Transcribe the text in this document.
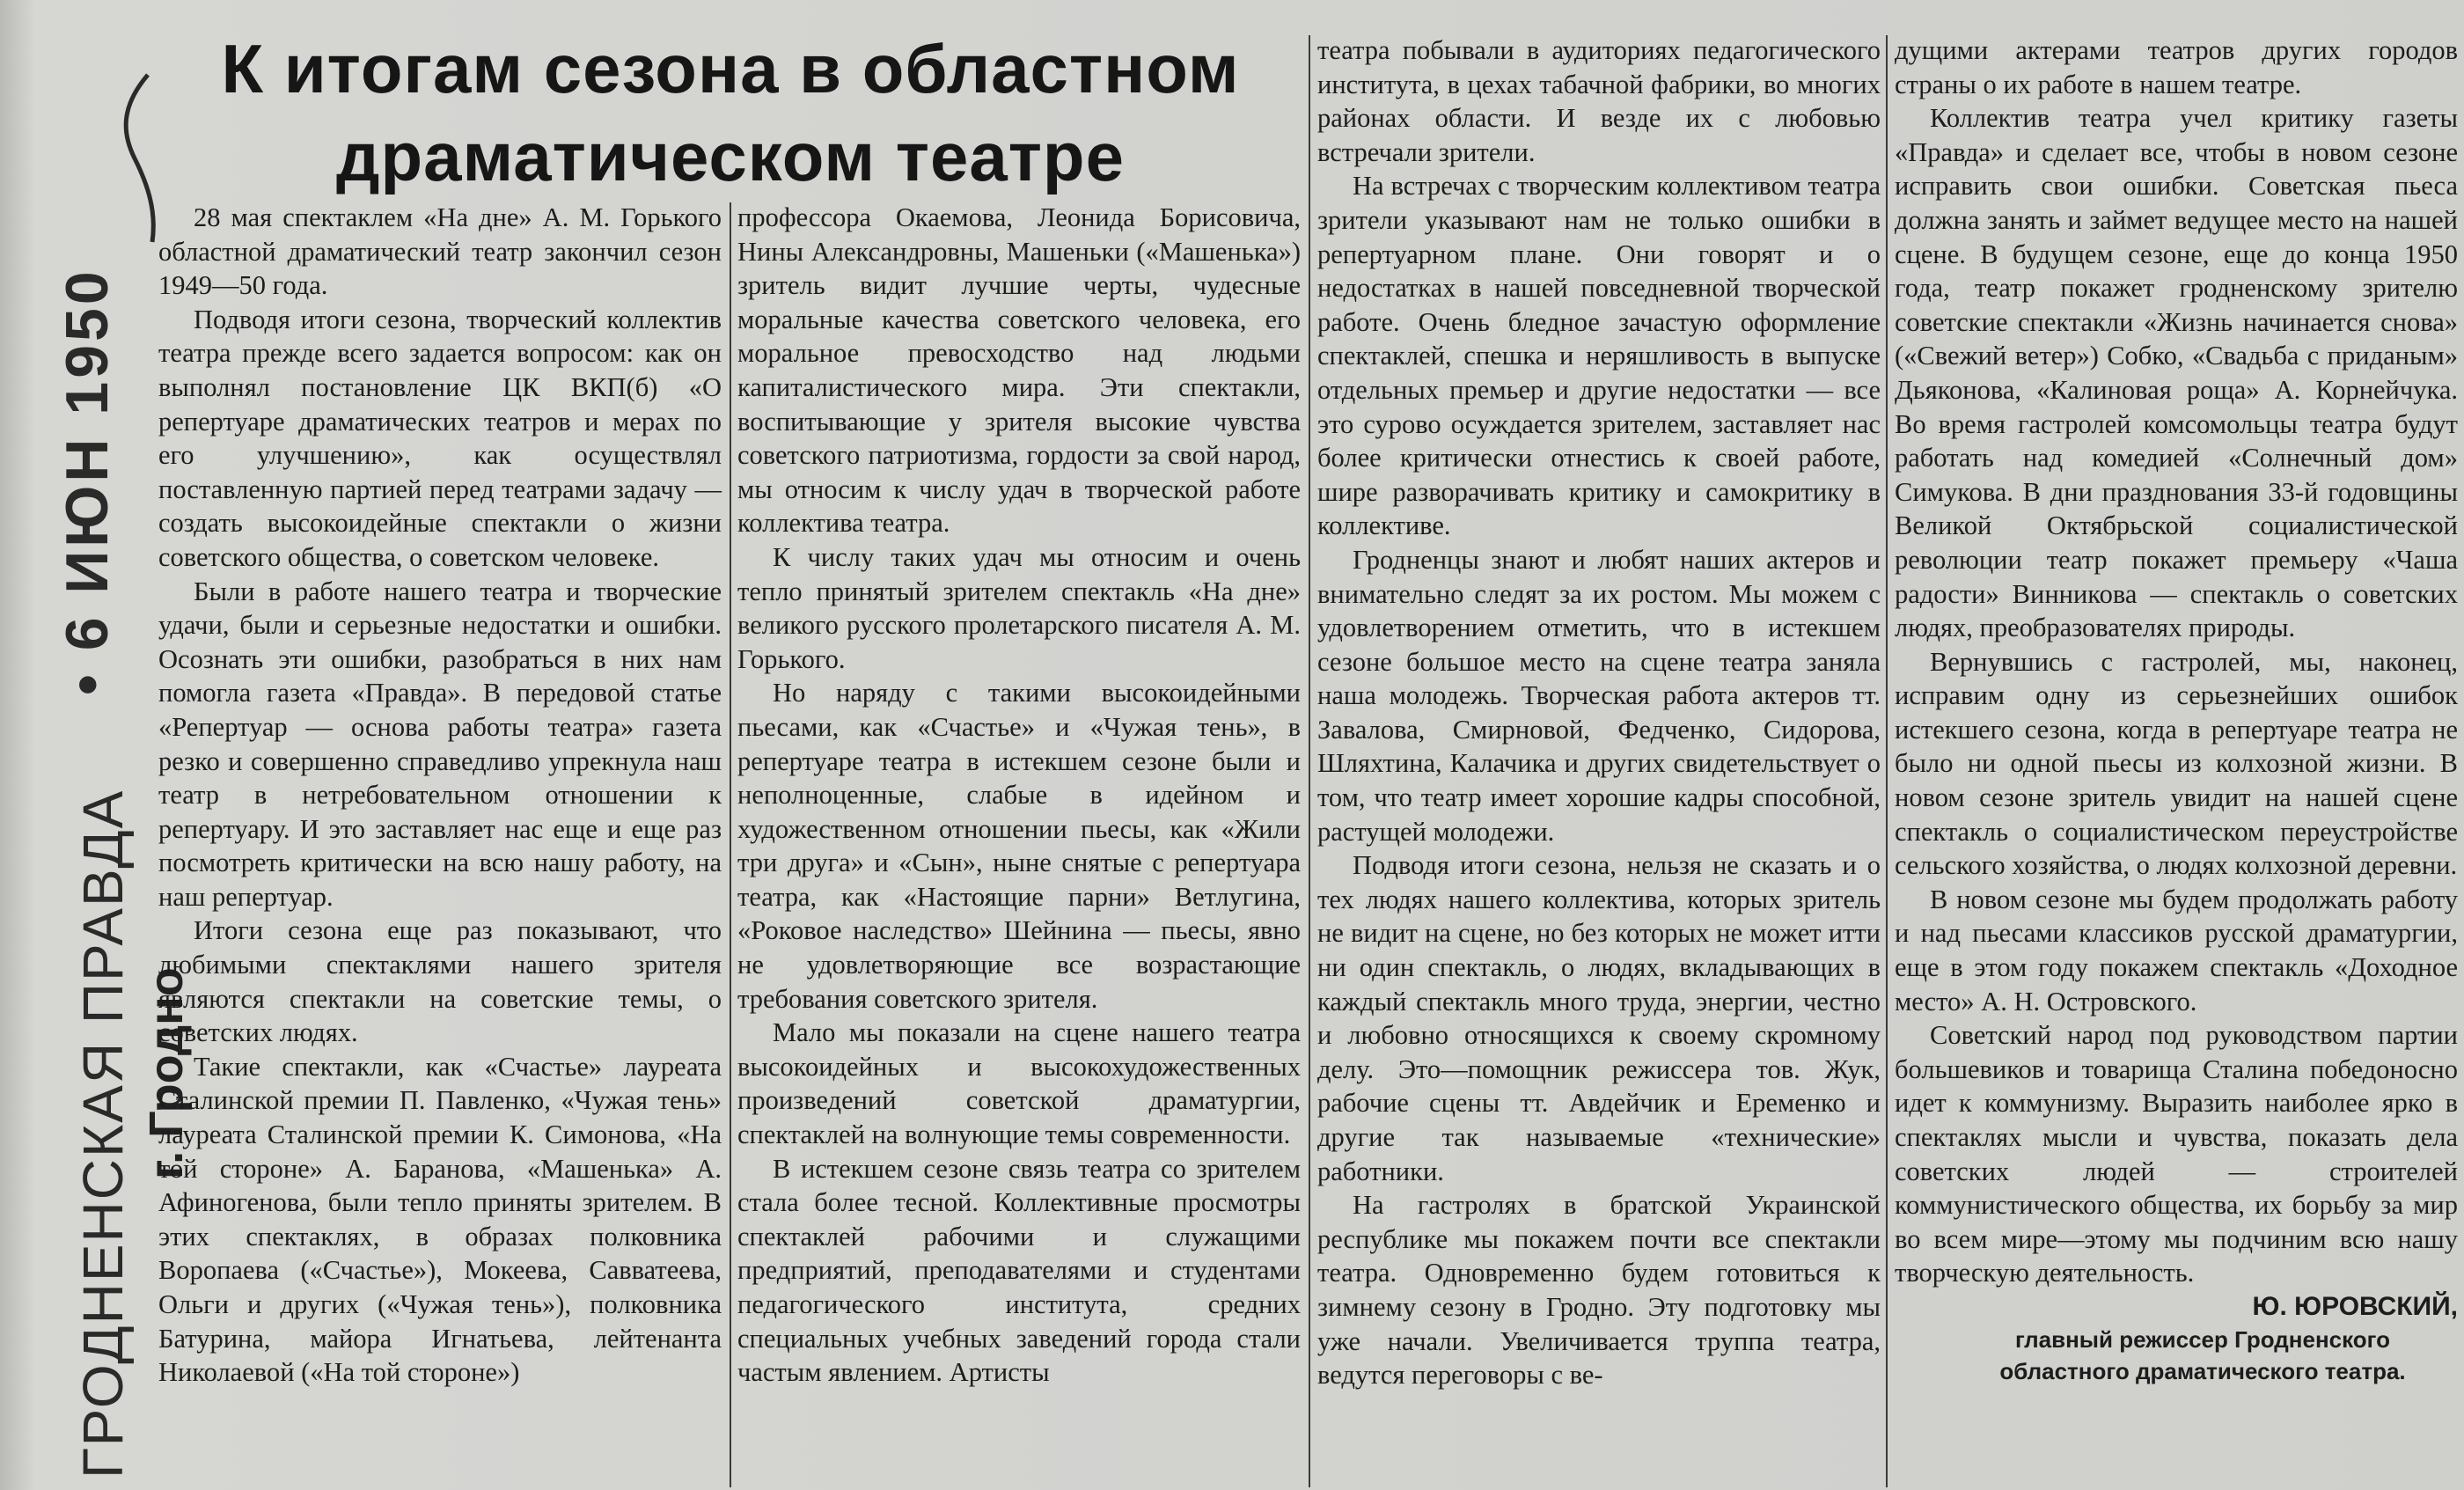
• 6 ИЮН 1950
ГРОДНЕНСКАЯ ПРАВДА г. Гродно
К итогам сезона в областном
драматическом театре

28 мая спектаклем «На дне» А. М. Горького областной драматический театр закончил сезон 1949—50 года.

Подводя итоги сезона, творческий коллектив театра прежде всего задается вопросом: как он выполнял постановление ЦК ВКП(б) «О репертуаре драматических театров и мерах по его улучшению», как осуществлял поставленную партией перед театрами задачу — создать высокоидейные спектакли о жизни советского общества, о советском человеке.

Были в работе нашего театра и творческие удачи, были и серьезные недостатки и ошибки. Осознать эти ошибки, разобраться в них нам помогла газета «Правда». В передовой статье «Репертуар — основа работы театра» газета резко и совершенно справедливо упрекнула наш театр в нетребовательном отношении к репертуару. И это заставляет нас еще и еще раз посмотреть критически на всю нашу работу, на наш репертуар.

Итоги сезона еще раз показывают, что любимыми спектаклями нашего зрителя являются спектакли на советские темы, о советских людях.

Такие спектакли, как «Счастье» лауреата Сталинской премии П. Павленко, «Чужая тень» лауреата Сталинской премии К. Симонова, «На той стороне» А. Баранова, «Машенька» А. Афиногенова, были тепло приняты зрителем. В этих спектаклях, в образах полковника Воропаева («Счастье»), Мокеева, Савватеева, Ольги и других («Чужая тень»), полковника Батурина, майора Игнатьева, лейтенанта Николаевой («На той стороне»)

профессора Окаемова, Леонида Борисовича, Нины Александровны, Машеньки («Машенька») зритель видит лучшие черты, чудесные моральные качества советского человека, его моральное превосходство над людьми капиталистического мира. Эти спектакли, воспитывающие у зрителя высокие чувства советского патриотизма, гордости за свой народ, мы относим к числу удач в творческой работе коллектива театра.

К числу таких удач мы относим и очень тепло принятый зрителем спектакль «На дне» великого русского пролетарского писателя А. М. Горького.

Но наряду с такими высокоидейными пьесами, как «Счастье» и «Чужая тень», в репертуаре театра в истекшем сезоне были и неполноценные, слабые в идейном и художественном отношении пьесы, как «Жили три друга» и «Сын», ныне снятые с репертуара театра, как «Настоящие парни» Ветлугина, «Роковое наследство» Шейнина — пьесы, явно не удовлетворяющие все возрастающие требования советского зрителя.

Мало мы показали на сцене нашего театра высокоидейных и высокохудожественных произведений советской драматургии, спектаклей на волнующие темы современности.

В истекшем сезоне связь театра со зрителем стала более тесной. Коллективные просмотры спектаклей рабочими и служащими предприятий, преподавателями и студентами педагогического института, средних специальных учебных заведений города стали частым явлением. Артисты

театра побывали в аудиториях педагогического института, в цехах табачной фабрики, во многих районах области. И везде их с любовью встречали зрители.

На встречах с творческим коллективом театра зрители указывают нам не только ошибки в репертуарном плане. Они говорят и о недостатках в нашей повседневной творческой работе. Очень бледное зачастую оформление спектаклей, спешка и неряшливость в выпуске отдельных премьер и другие недостатки — все это сурово осуждается зрителем, заставляет нас более критически отнестись к своей работе, шире разворачивать критику и самокритику в коллективе.

Гродненцы знают и любят наших актеров и внимательно следят за их ростом. Мы можем с удовлетворением отметить, что в истекшем сезоне большое место на сцене театра заняла наша молодежь. Творческая работа актеров тт. Завалова, Смирновой, Федченко, Сидорова, Шляхтина, Калачика и других свидетельствует о том, что театр имеет хорошие кадры способной, растущей молодежи.

Подводя итоги сезона, нельзя не сказать и о тех людях нашего коллектива, которых зритель не видит на сцене, но без которых не может итти ни один спектакль, о людях, вкладывающих в каждый спектакль много труда, энергии, честно и любовно относящихся к своему скромному делу. Это—помощник режиссера тов. Жук, рабочие сцены тт. Авдейчик и Еременко и другие так называемые «технические» работники.

На гастролях в братской Украинской республике мы покажем почти все спектакли театра. Одновременно будем готовиться к зимнему сезону в Гродно. Эту подготовку мы уже начали. Увеличивается труппа театра, ведутся переговоры с ве-

дущими актерами театров других городов страны о их работе в нашем театре.

Коллектив театра учел критику газеты «Правда» и сделает все, чтобы в новом сезоне исправить свои ошибки. Советская пьеса должна занять и займет ведущее место на нашей сцене. В будущем сезоне, еще до конца 1950 года, театр покажет гродненскому зрителю советские спектакли «Жизнь начинается снова» («Свежий ветер») Собко, «Свадьба с приданым» Дьяконова, «Калиновая роща» А. Корнейчука. Во время гастролей комсомольцы театра будут работать над комедией «Солнечный дом» Симукова. В дни празднования 33-й годовщины Великой Октябрьской социалистической революции театр покажет премьеру «Чаша радости» Винникова — спектакль о советских людях, преобразователях природы.

Вернувшись с гастролей, мы, наконец, исправим одну из серьезнейших ошибок истекшего сезона, когда в репертуаре театра не было ни одной пьесы из колхозной жизни. В новом сезоне зритель увидит на нашей сцене спектакль о социалистическом переустройстве сельского хозяйства, о людях колхозной деревни.

В новом сезоне мы будем продолжать работу и над пьесами классиков русской драматургии, еще в этом году покажем спектакль «Доходное место» А. Н. Островского.

Советский народ под руководством партии большевиков и товарища Сталина победоносно идет к коммунизму. Выразить наиболее ярко в спектаклях мысли и чувства, показать дела советских людей — строителей коммунистического общества, их борьбу за мир во всем мире—этому мы подчиним всю нашу творческую деятельность.

Ю. ЮРОВСКИЙ,
главный режиссер Гродненского
областного драматического театра.
